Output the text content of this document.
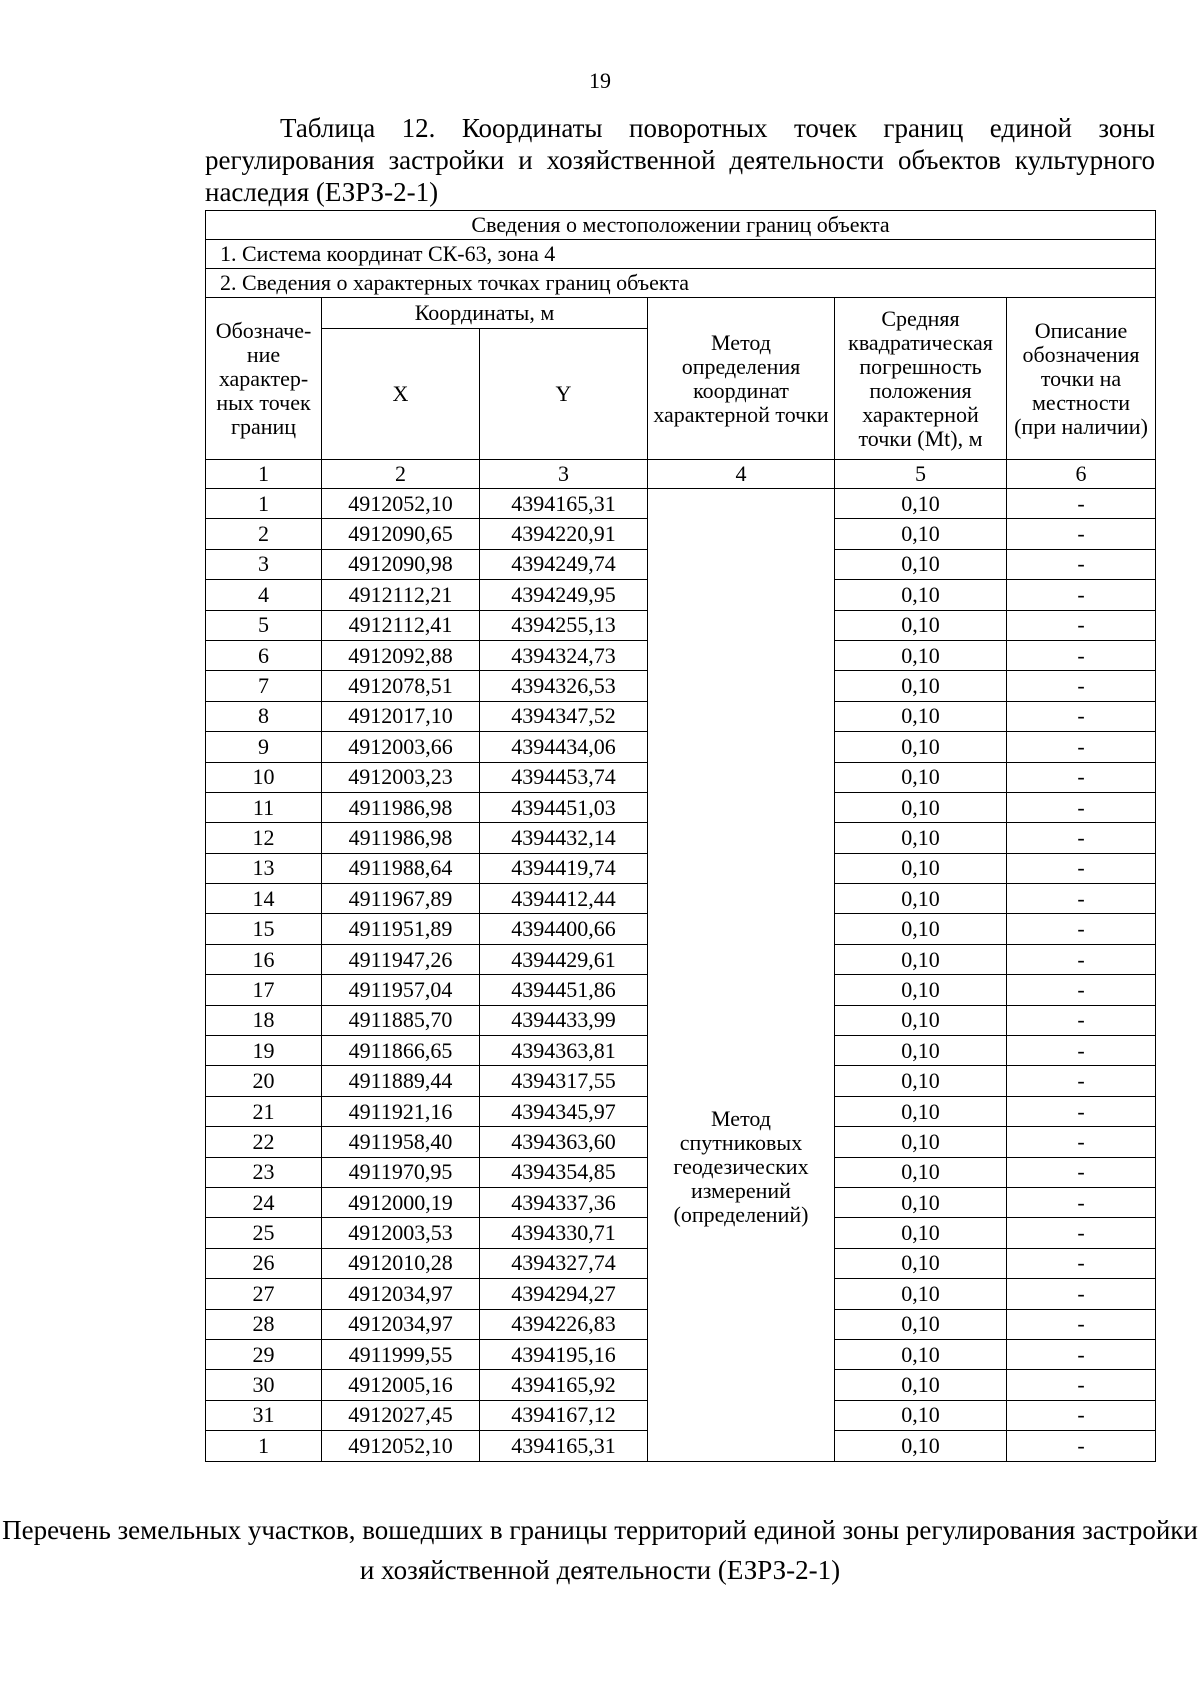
19
Таблица 12. Координаты поворотных точек границ единой зоны регулирования застройки и хозяйственной деятельности объектов культурного наследия (ЕЗРЗ-2-1)
Сведения о местоположении границ объекта					
1. Система координат СК-63, зона 4					
2. Сведения о характерных точках границ объекта					
Обозначе- ние характер- ных точек границ	Координаты, м		Метод определения координат характерной точки	Средняя квадратическая погрешность положения характерной точки (Mt), м	Описание обозначения точки на местности (при наличии)
	X	Y			
1	2	3	4	5	6
1	4912052,10	4394165,31	Метод спутниковых геодезических измерений (определений)	0,10	-
2	4912090,65	4394220,91		0,10	-
3	4912090,98	4394249,74		0,10	-
4	4912112,21	4394249,95		0,10	-
5	4912112,41	4394255,13		0,10	-
6	4912092,88	4394324,73		0,10	-
7	4912078,51	4394326,53		0,10	-
8	4912017,10	4394347,52		0,10	-
9	4912003,66	4394434,06		0,10	-
10	4912003,23	4394453,74		0,10	-
11	4911986,98	4394451,03		0,10	-
12	4911986,98	4394432,14		0,10	-
13	4911988,64	4394419,74		0,10	-
14	4911967,89	4394412,44		0,10	-
15	4911951,89	4394400,66		0,10	-
16	4911947,26	4394429,61		0,10	-
17	4911957,04	4394451,86		0,10	-
18	4911885,70	4394433,99		0,10	-
19	4911866,65	4394363,81		0,10	-
20	4911889,44	4394317,55		0,10	-
21	4911921,16	4394345,97		0,10	-
22	4911958,40	4394363,60		0,10	-
23	4911970,95	4394354,85		0,10	-
24	4912000,19	4394337,36		0,10	-
25	4912003,53	4394330,71		0,10	-
26	4912010,28	4394327,74		0,10	-
27	4912034,97	4394294,27		0,10	-
28	4912034,97	4394226,83		0,10	-
29	4911999,55	4394195,16		0,10	-
30	4912005,16	4394165,92		0,10	-
31	4912027,45	4394167,12		0,10	-
1	4912052,10	4394165,31		0,10	-
Перечень земельных участков, вошедших в границы территорий единой зоны регулирования застройки и хозяйственной деятельности (ЕЗРЗ-2-1)
